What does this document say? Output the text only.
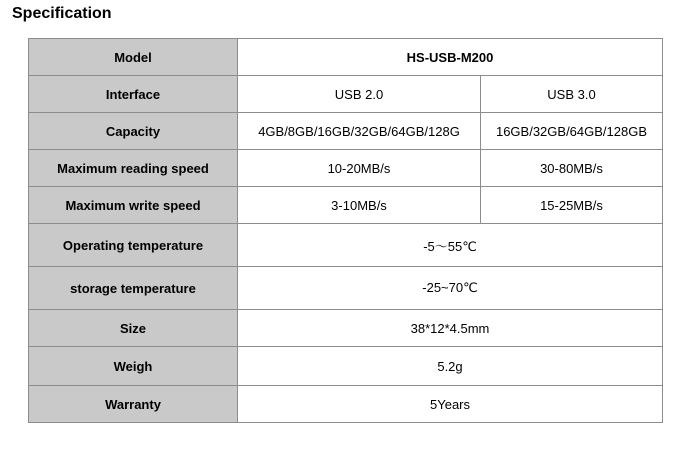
Specification
Model	HS-USB-M200	
Interface	USB 2.0	USB 3.0
Capacity	4GB/8GB/16GB/32GB/64GB/128G	16GB/32GB/64GB/128GB
Maximum reading speed	10-20MB/s	30-80MB/s
Maximum write speed	3-10MB/s	15-25MB/s
Operating temperature	-5～55℃	
storage temperature	-25~70℃	
Size	38*12*4.5mm	
Weigh	5.2g	
Warranty	5Years	
